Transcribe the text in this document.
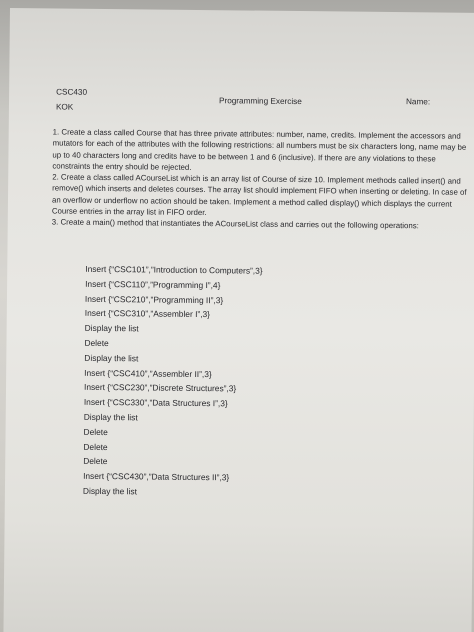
CSC430
KOK
Programming Exercise	Name:

1. Create a class called Course that has three private attributes: number, name, credits. Implement the accessors and mutators for each of the attributes with the following restrictions: all numbers must be six characters long, name may be up to 40 characters long and credits have to be between 1 and 6 (inclusive). If there are any violations to these constraints the entry should be rejected.

2. Create a class called ACourseList which is an array list of Course of size 10. Implement methods called insert() and remove() which inserts and deletes courses. The array list should implement FIFO when inserting or deleting. In case of an overflow or underflow no action should be taken. Implement a method called display() which displays the current Course entries in the array list in FIFO order.

3. Create a main() method that instantiates the ACourseList class and carries out the following operations:

Insert {“CSC101”,”Introduction to Computers”,3}
Insert {“CSC110”,”Programming I”,4}
Insert {“CSC210”,”Programming II”,3}
Insert {“CSC310”,”Assembler I”,3}
Display the list
Delete
Display the list
Insert {“CSC410”,”Assembler II”,3}
Insert {“CSC230”,”Discrete Structures”,3}
Insert {“CSC330”,”Data Structures I”,3}
Display the list
Delete
Delete
Delete
Insert {“CSC430”,”Data Structures II”,3}
Display the list
